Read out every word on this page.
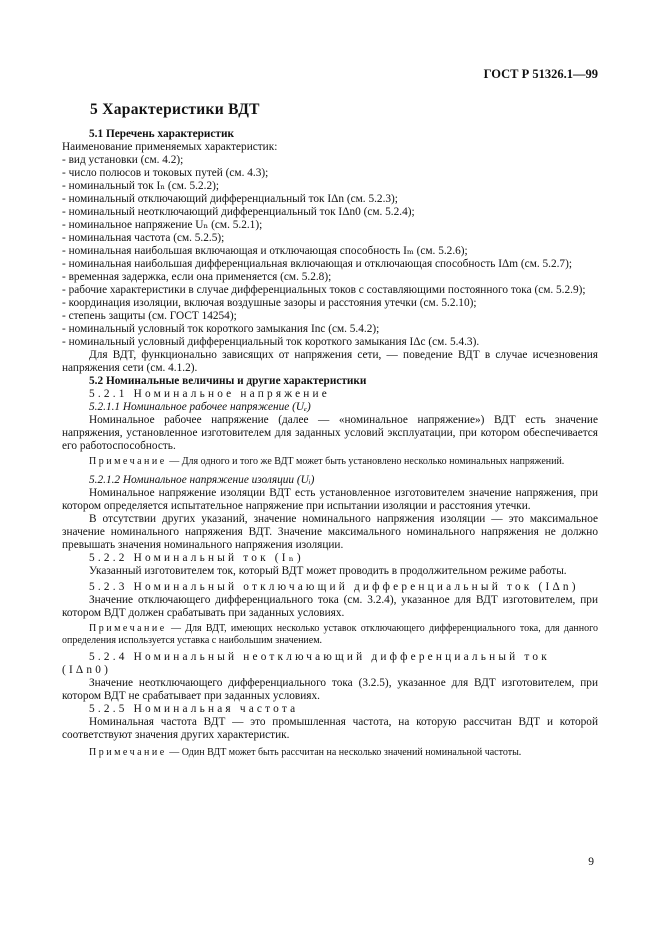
ГОСТ Р 51326.1—99
5 Характеристики ВДТ

5.1 Перечень характеристик

Наименование применяемых характеристик:

- вид установки (см. 4.2);

- число полюсов и токовых путей (см. 4.3);

- номинальный ток Iₙ (см. 5.2.2);

- номинальный отключающий дифференциальный ток IΔn (см. 5.2.3);

- номинальный неотключающий дифференциальный ток IΔn0 (см. 5.2.4);

- номинальное напряжение Uₙ (см. 5.2.1);

- номинальная частота (см. 5.2.5);

- номинальная наибольшая включающая и отключающая способность Iₘ (см. 5.2.6);

- номинальная наибольшая дифференциальная включающая и отключающая способность IΔm (см. 5.2.7);

- временная задержка, если она применяется (см. 5.2.8);

- рабочие характеристики в случае дифференциальных токов с составляющими постоянного тока (см. 5.2.9);

- координация изоляции, включая воздушные зазоры и расстояния утечки (см. 5.2.10);

- степень защиты (см. ГОСТ 14254);

- номинальный условный ток короткого замыкания Inc (см. 5.4.2);

- номинальный условный дифференциальный ток короткого замыкания IΔc (см. 5.4.3).

Для ВДТ, функционально зависящих от напряжения сети, — поведение ВДТ в случае исчезновения напряжения сети (см. 4.1.2).

5.2 Номинальные величины и другие характеристики

5.2.1 Номинальное напряжение

5.2.1.1 Номинальное рабочее напряжение (Uₑ)

Номинальное рабочее напряжение (далее — «номинальное напряжение») ВДТ есть значение напряжения, установленное изготовителем для заданных условий эксплуатации, при котором обеспечивается его работоспособность.

Примечание — Для одного и того же ВДТ может быть установлено несколько номинальных напряжений.

5.2.1.2 Номинальное напряжение изоляции (Uᵢ)

Номинальное напряжение изоляции ВДТ есть установленное изготовителем значение напряжения, при котором определяется испытательное напряжение при испытании изоляции и расстояния утечки.

В отсутствии других указаний, значение номинального напряжения изоляции — это максимальное значение номинального напряжения ВДТ. Значение максимального номинального напряжения не должно превышать значения номинального напряжения изоляции.

5.2.2 Номинальный ток (Iₙ)

Указанный изготовителем ток, который ВДТ может проводить в продолжительном режиме работы.

5.2.3 Номинальный отключающий дифференциальный ток (IΔn)

Значение отключающего дифференциального тока (см. 3.2.4), указанное для ВДТ изготовителем, при котором ВДТ должен срабатывать при заданных условиях.

Примечание — Для ВДТ, имеющих несколько уставок отключающего дифференциального тока, для данного определения используется уставка с наибольшим значением.

5.2.4 Номинальный неотключающий дифференциальный ток (IΔn0)

Значение неотключающего дифференциального тока (3.2.5), указанное для ВДТ изготовителем, при котором ВДТ не срабатывает при заданных условиях.

5.2.5 Номинальная частота

Номинальная частота ВДТ — это промышленная частота, на которую рассчитан ВДТ и которой соответствуют значения других характеристик.

Примечание — Один ВДТ может быть рассчитан на несколько значений номинальной частоты.

9
